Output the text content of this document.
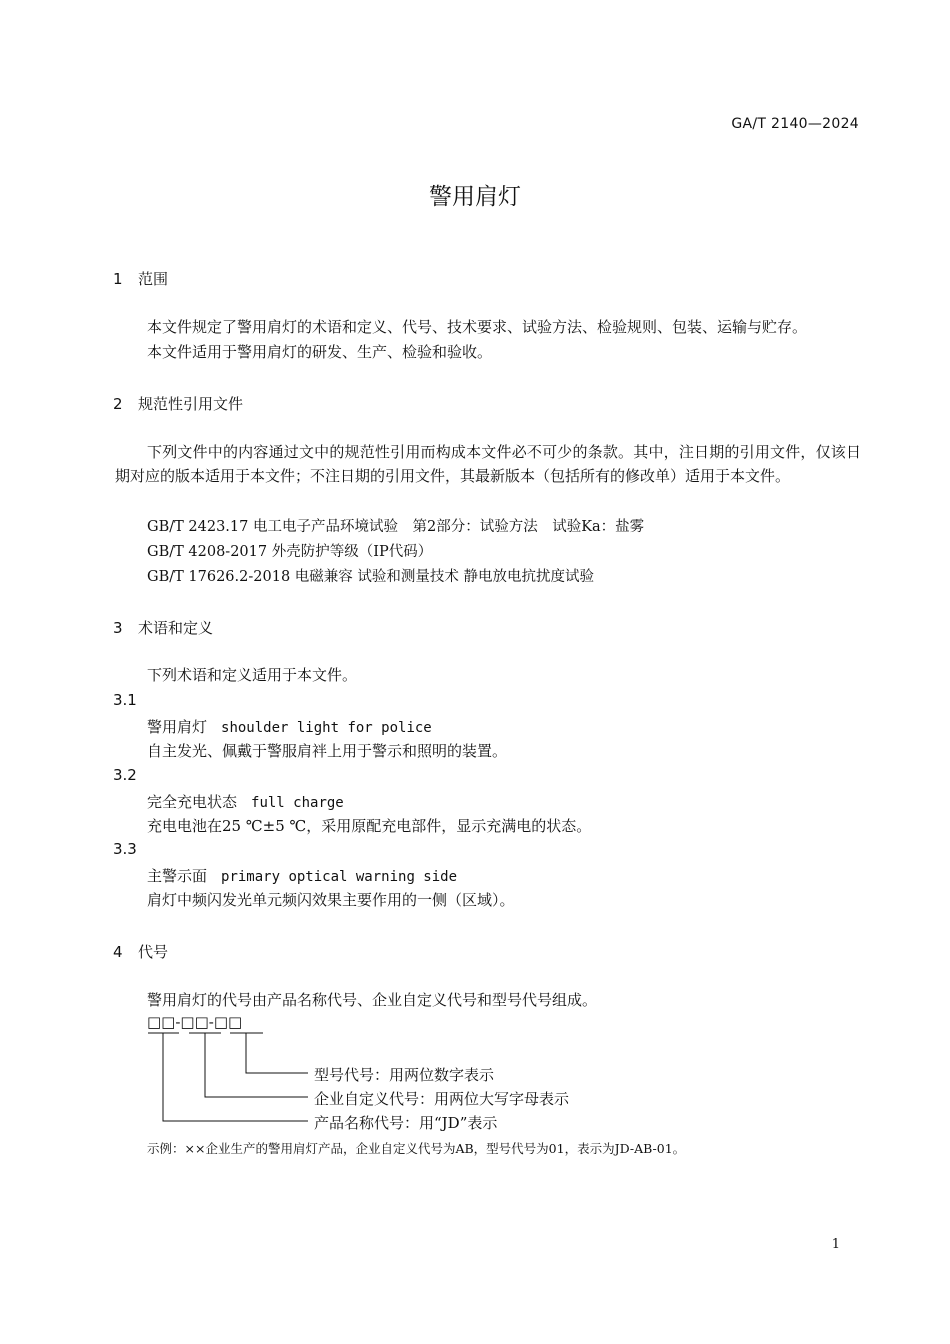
GA/T 2140—2024
警用肩灯
1 范围
本文件规定了警用肩灯的术语和定义、代号、技术要求、试验方法、检验规则、包装、运输与贮存。
本文件适用于警用肩灯的研发、生产、检验和验收。
2 规范性引用文件
下列文件中的内容通过文中的规范性引用而构成本文件必不可少的条款。其中，注日期的引用文件，仅该日期对应的版本适用于本文件；不注日期的引用文件，其最新版本（包括所有的修改单）适用于本文件。
GB/T 2423.17 电工电子产品环境试验　第2部分：试验方法　试验Ka：盐雾
GB/T 4208-2017 外壳防护等级（IP代码）
GB/T 17626.2-2018 电磁兼容 试验和测量技术 静电放电抗扰度试验
3 术语和定义
下列术语和定义适用于本文件。
3.1
警用肩灯 shoulder light for police
自主发光、佩戴于警服肩袢上用于警示和照明的装置。
3.2
完全充电状态 full charge
充电电池在25 ℃±5 ℃，采用原配充电部件，显示充满电的状态。
3.3
主警示面 primary optical warning side
肩灯中频闪发光单元频闪效果主要作用的一侧（区域）。
4 代号
警用肩灯的代号由产品名称代号、企业自定义代号和型号代号组成。
□□-□□-□□
型号代号：用两位数字表示
企业自定义代号：用两位大写字母表示
产品名称代号：用“JD”表示
示例：××企业生产的警用肩灯产品，企业自定义代号为AB，型号代号为01，表示为JD-AB-01。
1
